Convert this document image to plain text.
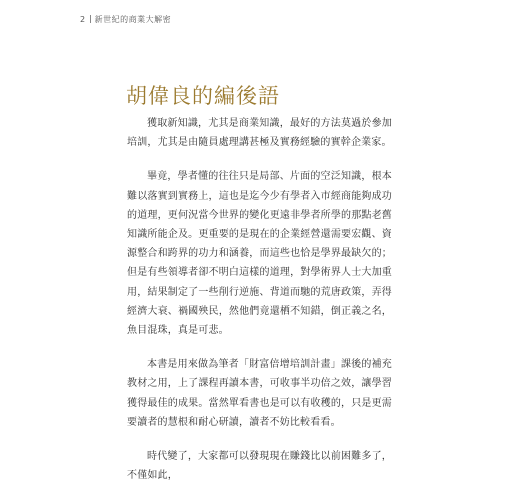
2 新世紀的商業大解密
胡偉良的編後語

獲取新知識，尤其是商業知識，最好的方法莫過於參加培訓，尤其是由隨員處理講甚極及實務經驗的實幹企業家。

畢竟，學者懂的往往只是局部、片面的空泛知識，根本難以落實到實務上，這也是迄今少有學者入市經商能夠成功的道理，更何況當今世界的變化更遠非學者所學的那點老舊知識所能企及。更重要的是現在的企業經營還需要宏觀、資源整合和跨界的功力和涵養，而這些也恰是學界最缺欠的；但是有些領導者卻不明白這樣的道理，對學術界人士大加重用，結果制定了一些削行逆施、背道而馳的荒唐政策，弄得經濟大衰、禍國殃民，然他們竟還栖不知錯，倒正義之名，魚目混珠，真是可悲。

本書是用來做為筆者「財富倍增培訓計畫」課後的補充教材之用，上了課程再讀本書，可收事半功倍之效，讓學習獲得最佳的成果。當然單看書也是可以有收穫的，只是更需要讀者的慧根和耐心研讀，讀者不妨比較看看。

時代變了，大家都可以發現現在賺錢比以前困難多了，不僅如此，
